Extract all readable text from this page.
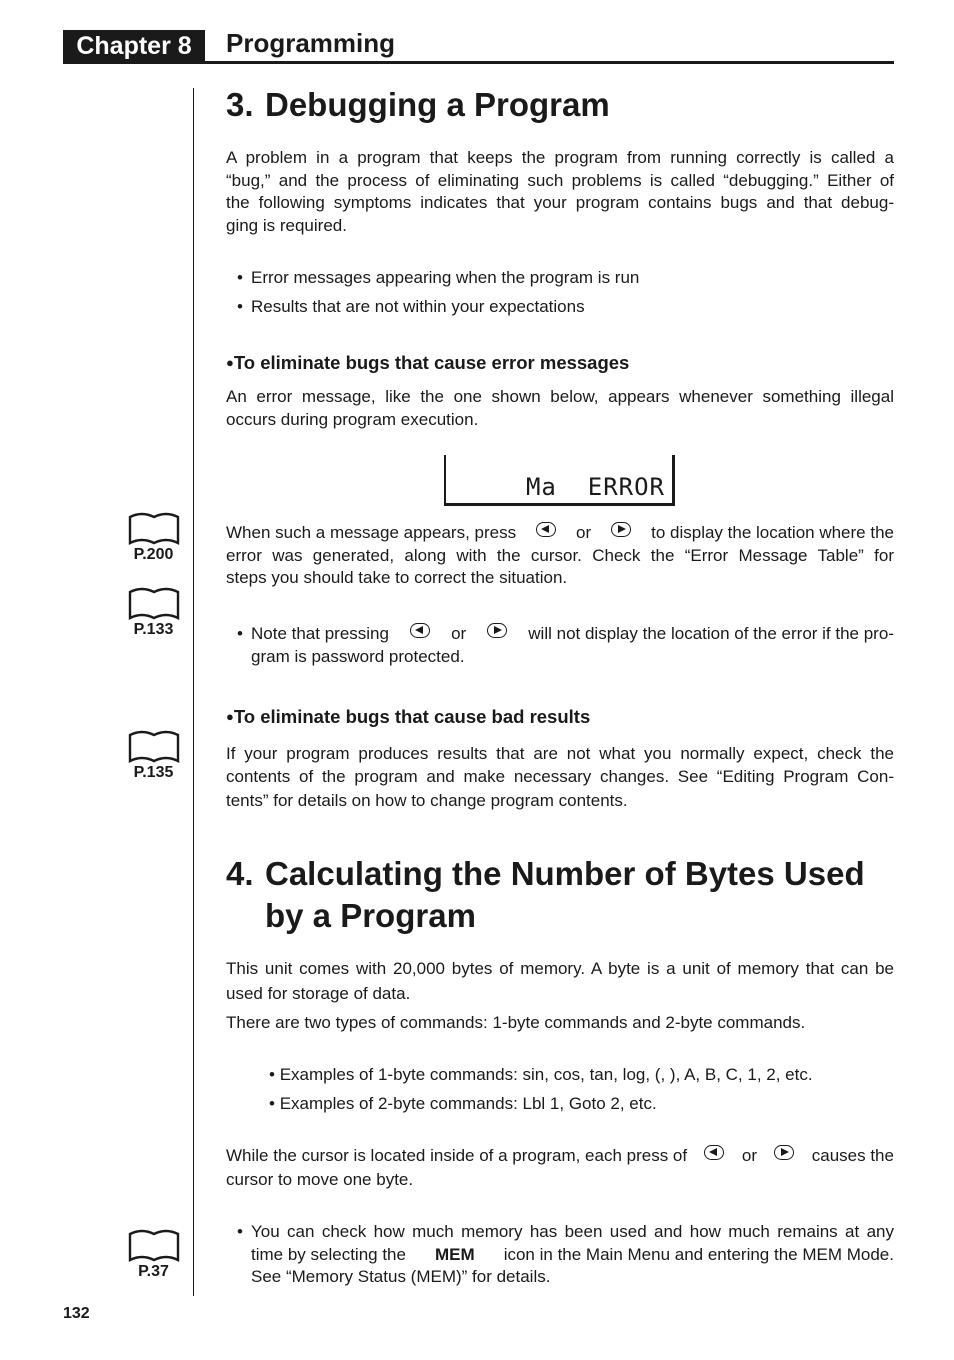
Chapter 8	Programming
3. Debugging a Program
A problem in a program that keeps the program from running correctly is called a
“bug,” and the process of eliminating such problems is called “debugging.” Either of
the following symptoms indicates that your program contains bugs and that debug-
ging is required.
• Error messages appearing when the program is run
• Results that are not within your expectations
●To eliminate bugs that cause error messages
An error message, like the one shown below, appears whenever something illegal
occurs during program execution.
Ma  ERROR
When such a message appears, press	or	to display the location where the
error was generated, along with the cursor. Check the “Error Message Table” for
steps you should take to correct the situation.
• Note that pressing	or	will not display the location of the error if the pro-
gram is password protected.
●To eliminate bugs that cause bad results
If your program produces results that are not what you normally expect, check the
contents of the program and make necessary changes. See “Editing Program Con-
tents” for details on how to change program contents.
4. Calculating the Number of Bytes Used
by a Program
This unit comes with 20,000 bytes of memory. A byte is a unit of memory that can be
used for storage of data.
There are two types of commands: 1-byte commands and 2-byte commands.
• Examples of 1-byte commands: sin, cos, tan, log, (, ), A, B, C, 1, 2, etc.
• Examples of 2-byte commands: Lbl 1, Goto 2, etc.
While the cursor is located inside of a program, each press of	or	causes the
cursor to move one byte.
• You can check how much memory has been used and how much remains at any
time by selecting the MEM icon in the Main Menu and entering the MEM Mode.
See “Memory Status (MEM)” for details.
P.200
P.133
P.135
P.37
132
